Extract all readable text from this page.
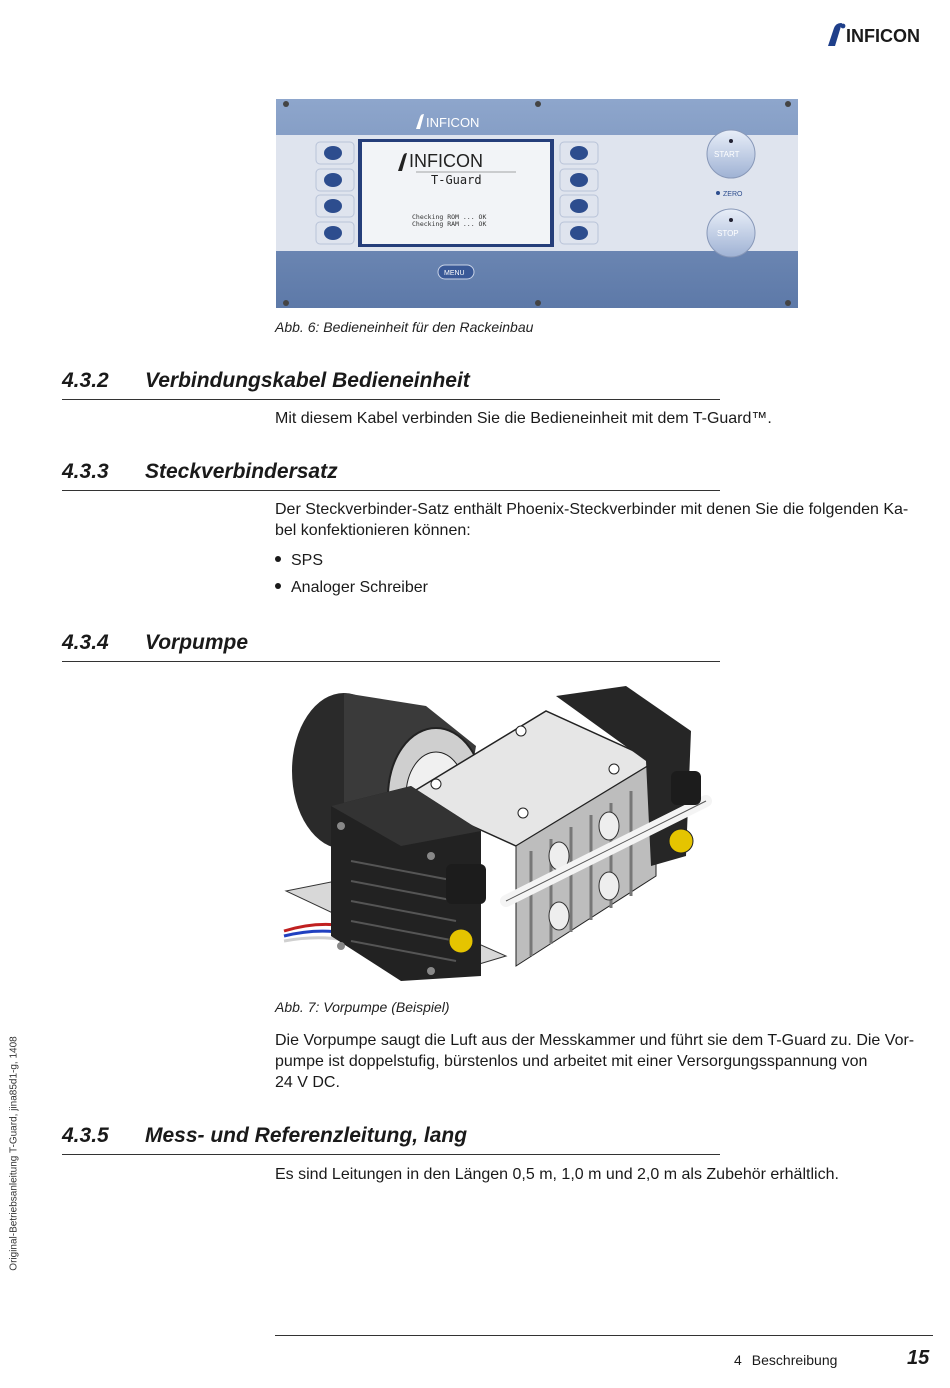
INFICON
INFICON
INFICON
T-Guard
Checking ROM ... OK
Checking RAM ... OK
START
ZERO
STOP
MENU
Abb. 6: Bedieneinheit für den Rackeinbau
4.3.2 Verbindungskabel Bedieneinheit
Mit diesem Kabel verbinden Sie die Bedieneinheit mit dem T-Guard™.
4.3.3 Steckverbindersatz
Der Steckverbinder-Satz enthält Phoenix-Steckverbinder mit denen Sie die folgenden Ka-
bel konfektionieren können:
SPS
Analoger Schreiber
4.3.4 Vorpumpe
Abb. 7: Vorpumpe (Beispiel)
Die Vorpumpe saugt die Luft aus der Messkammer und führt sie dem T-Guard zu. Die Vor-
pumpe ist doppelstufig, bürstenlos und arbeitet mit einer Versorgungsspannung von
24 V DC.
4.3.5 Mess- und Referenzleitung, lang
Es sind Leitungen in den Längen 0,5 m, 1,0 m und 2,0 m als Zubehör erhältlich.
Original-Betriebsanleitung T-Guard, jina85d1-g, 1408
4 Beschreibung	15
